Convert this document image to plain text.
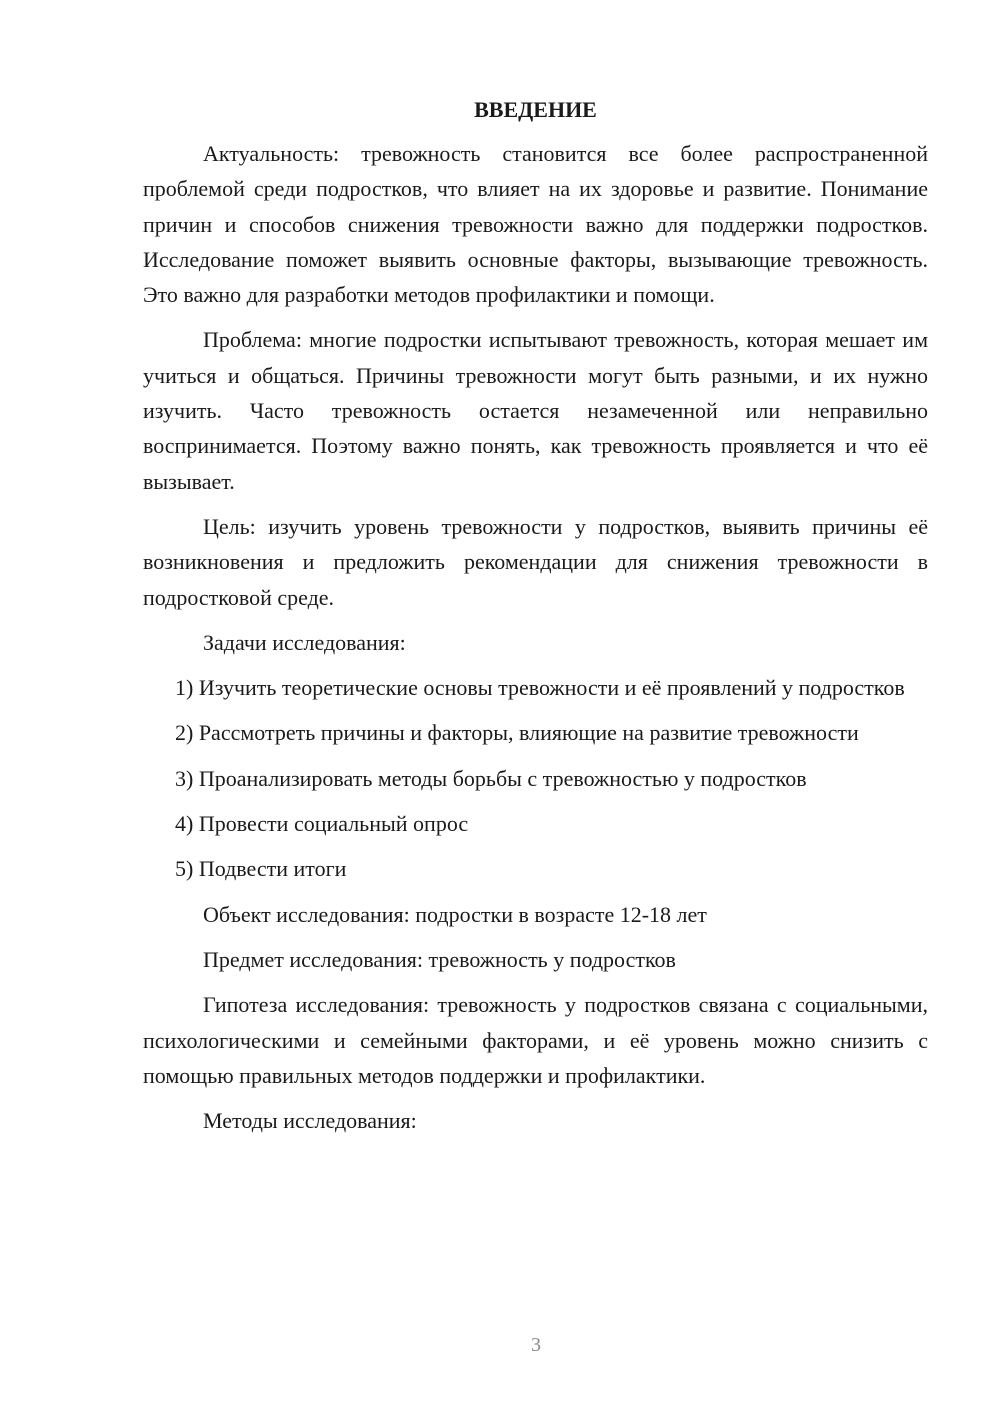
ВВЕДЕНИЕ

Актуальность: тревожность становится все более распространенной проблемой среди подростков, что влияет на их здоровье и развитие. Понимание причин и способов снижения тревожности важно для поддержки подростков. Исследование поможет выявить основные факторы, вызывающие тревожность. Это важно для разработки методов профилактики и помощи.

Проблема: многие подростки испытывают тревожность, которая мешает им учиться и общаться. Причины тревожности могут быть разными, и их нужно изучить. Часто тревожность остается незамеченной или неправильно воспринимается. Поэтому важно понять, как тревожность проявляется и что её вызывает.

Цель: изучить уровень тревожности у подростков, выявить причины её возникновения и предложить рекомендации для снижения тревожности в подростковой среде.

Задачи исследования:

1) Изучить теоретические основы тревожности и её проявлений у подростков

2) Рассмотреть причины и факторы, влияющие на развитие тревожности

3) Проанализировать методы борьбы с тревожностью у подростков

4) Провести социальный опрос

5) Подвести итоги

Объект исследования: подростки в возрасте 12-18 лет

Предмет исследования: тревожность у подростков

Гипотеза исследования: тревожность у подростков связана с социальными, психологическими и семейными факторами, и её уровень можно снизить с помощью правильных методов поддержки и профилактики.

Методы исследования:

3
